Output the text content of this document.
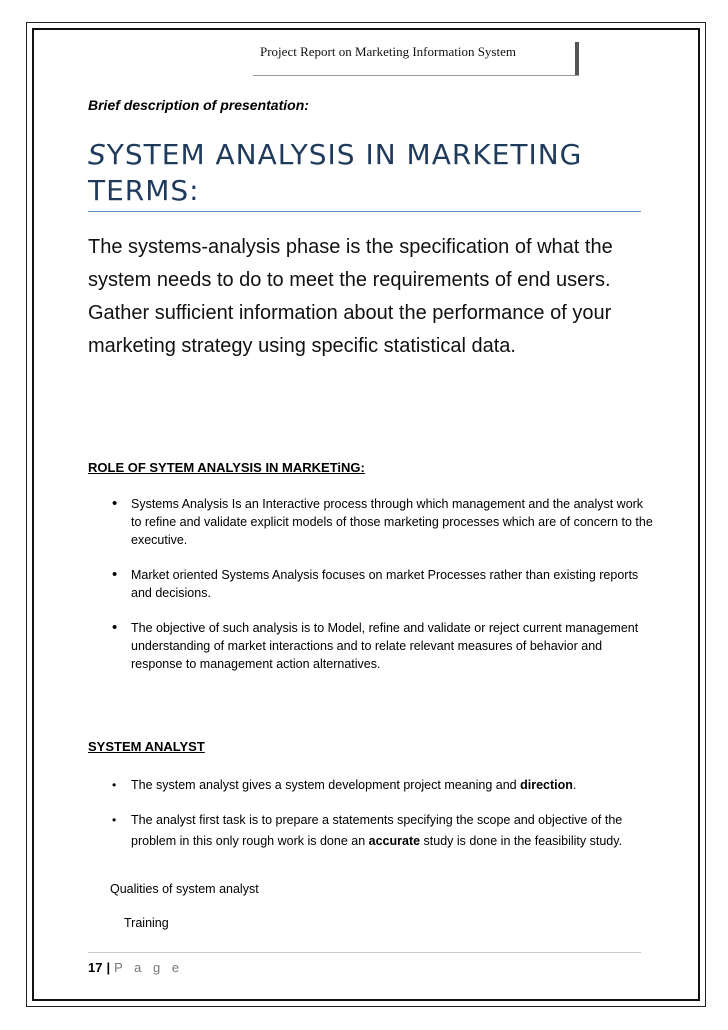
Project Report on Marketing Information System
Brief description of presentation:
SYSTEM ANALYSIS IN MARKETING TERMS:
The systems-analysis phase is the specification of what the system needs to do to meet the requirements of end users. Gather sufficient information about the performance of your marketing strategy using specific statistical data.
ROLE OF SYTEM ANALYSIS IN MARKETiNG:
• Systems Analysis Is an Interactive process through which management and the analyst work to refine and validate explicit models of those marketing processes which are of concern to the executive.
• Market oriented Systems Analysis focuses on market Processes rather than existing reports and decisions.
• The objective of such analysis is to Model, refine and validate or reject current management understanding of market interactions and to relate relevant measures of behavior and response to management action alternatives.
SYSTEM ANALYST
• The system analyst gives a system development project meaning and direction.
• The analyst first task is to prepare a statements specifying the scope and objective of the problem in this only rough work is done an accurate study is done in the feasibility study.
Qualities of system analyst
Training
17 | P a g e
